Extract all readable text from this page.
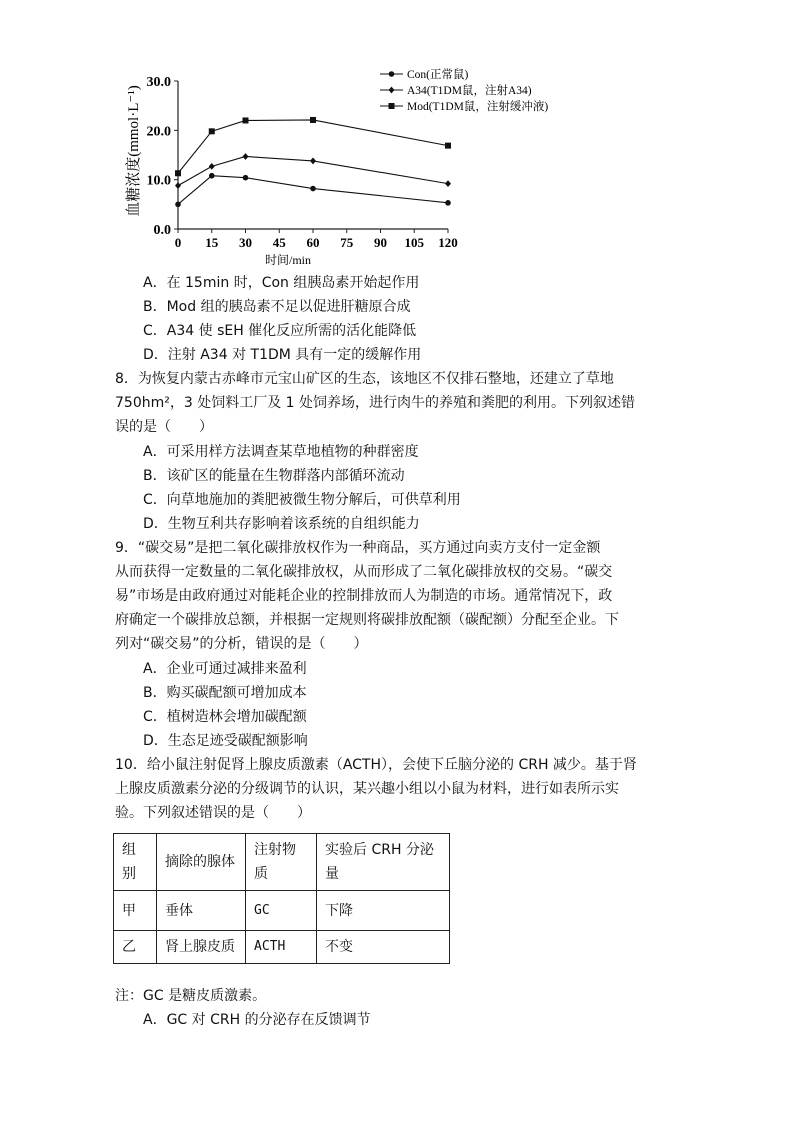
0.0
10.0
20.0
30.0
0 15 30 45 60 75 90 105 120
Con(正常鼠)
A34(T1DM鼠，注射A34)
Mod(T1DM鼠，注射缓冲液)
血糖浓度(mmol·L⁻¹)
时间/min
A．在 15min 时，Con 组胰岛素开始起作用
B．Mod 组的胰岛素不足以促进肝糖原合成
C．A34 使 sEH 催化反应所需的活化能降低
D．注射 A34 对 T1DM 具有一定的缓解作用
8．为恢复内蒙古赤峰市元宝山矿区的生态，该地区不仅排石整地，还建立了草地
750hm²，3 处饲料工厂及 1 处饲养场，进行肉牛的养殖和粪肥的利用。下列叙述错
误的是（　　）
A．可采用样方法调查某草地植物的种群密度
B．该矿区的能量在生物群落内部循环流动
C．向草地施加的粪肥被微生物分解后，可供草利用
D．生物互利共存影响着该系统的自组织能力
9．“碳交易”是把二氧化碳排放权作为一种商品，买方通过向卖方支付一定金额
从而获得一定数量的二氧化碳排放权，从而形成了二氧化碳排放权的交易。“碳交
易”市场是由政府通过对能耗企业的控制排放而人为制造的市场。通常情况下，政
府确定一个碳排放总额，并根据一定规则将碳排放配额（碳配额）分配至企业。下
列对“碳交易”的分析，错误的是（　　）
A．企业可通过减排来盈利
B．购买碳配额可增加成本
C．植树造林会增加碳配额
D．生态足迹受碳配额影响
10．给小鼠注射促肾上腺皮质激素（ACTH），会使下丘脑分泌的 CRH 减少。基于肾
上腺皮质激素分泌的分级调节的认识，某兴趣小组以小鼠为材料，进行如表所示实
验。下列叙述错误的是（　　）
组别	摘除的腺体	注射物质	实验后 CRH 分泌量
甲	垂体	GC	下降
乙	肾上腺皮质	ACTH	不变
注：GC 是糖皮质激素。
A．GC 对 CRH 的分泌存在反馈调节
